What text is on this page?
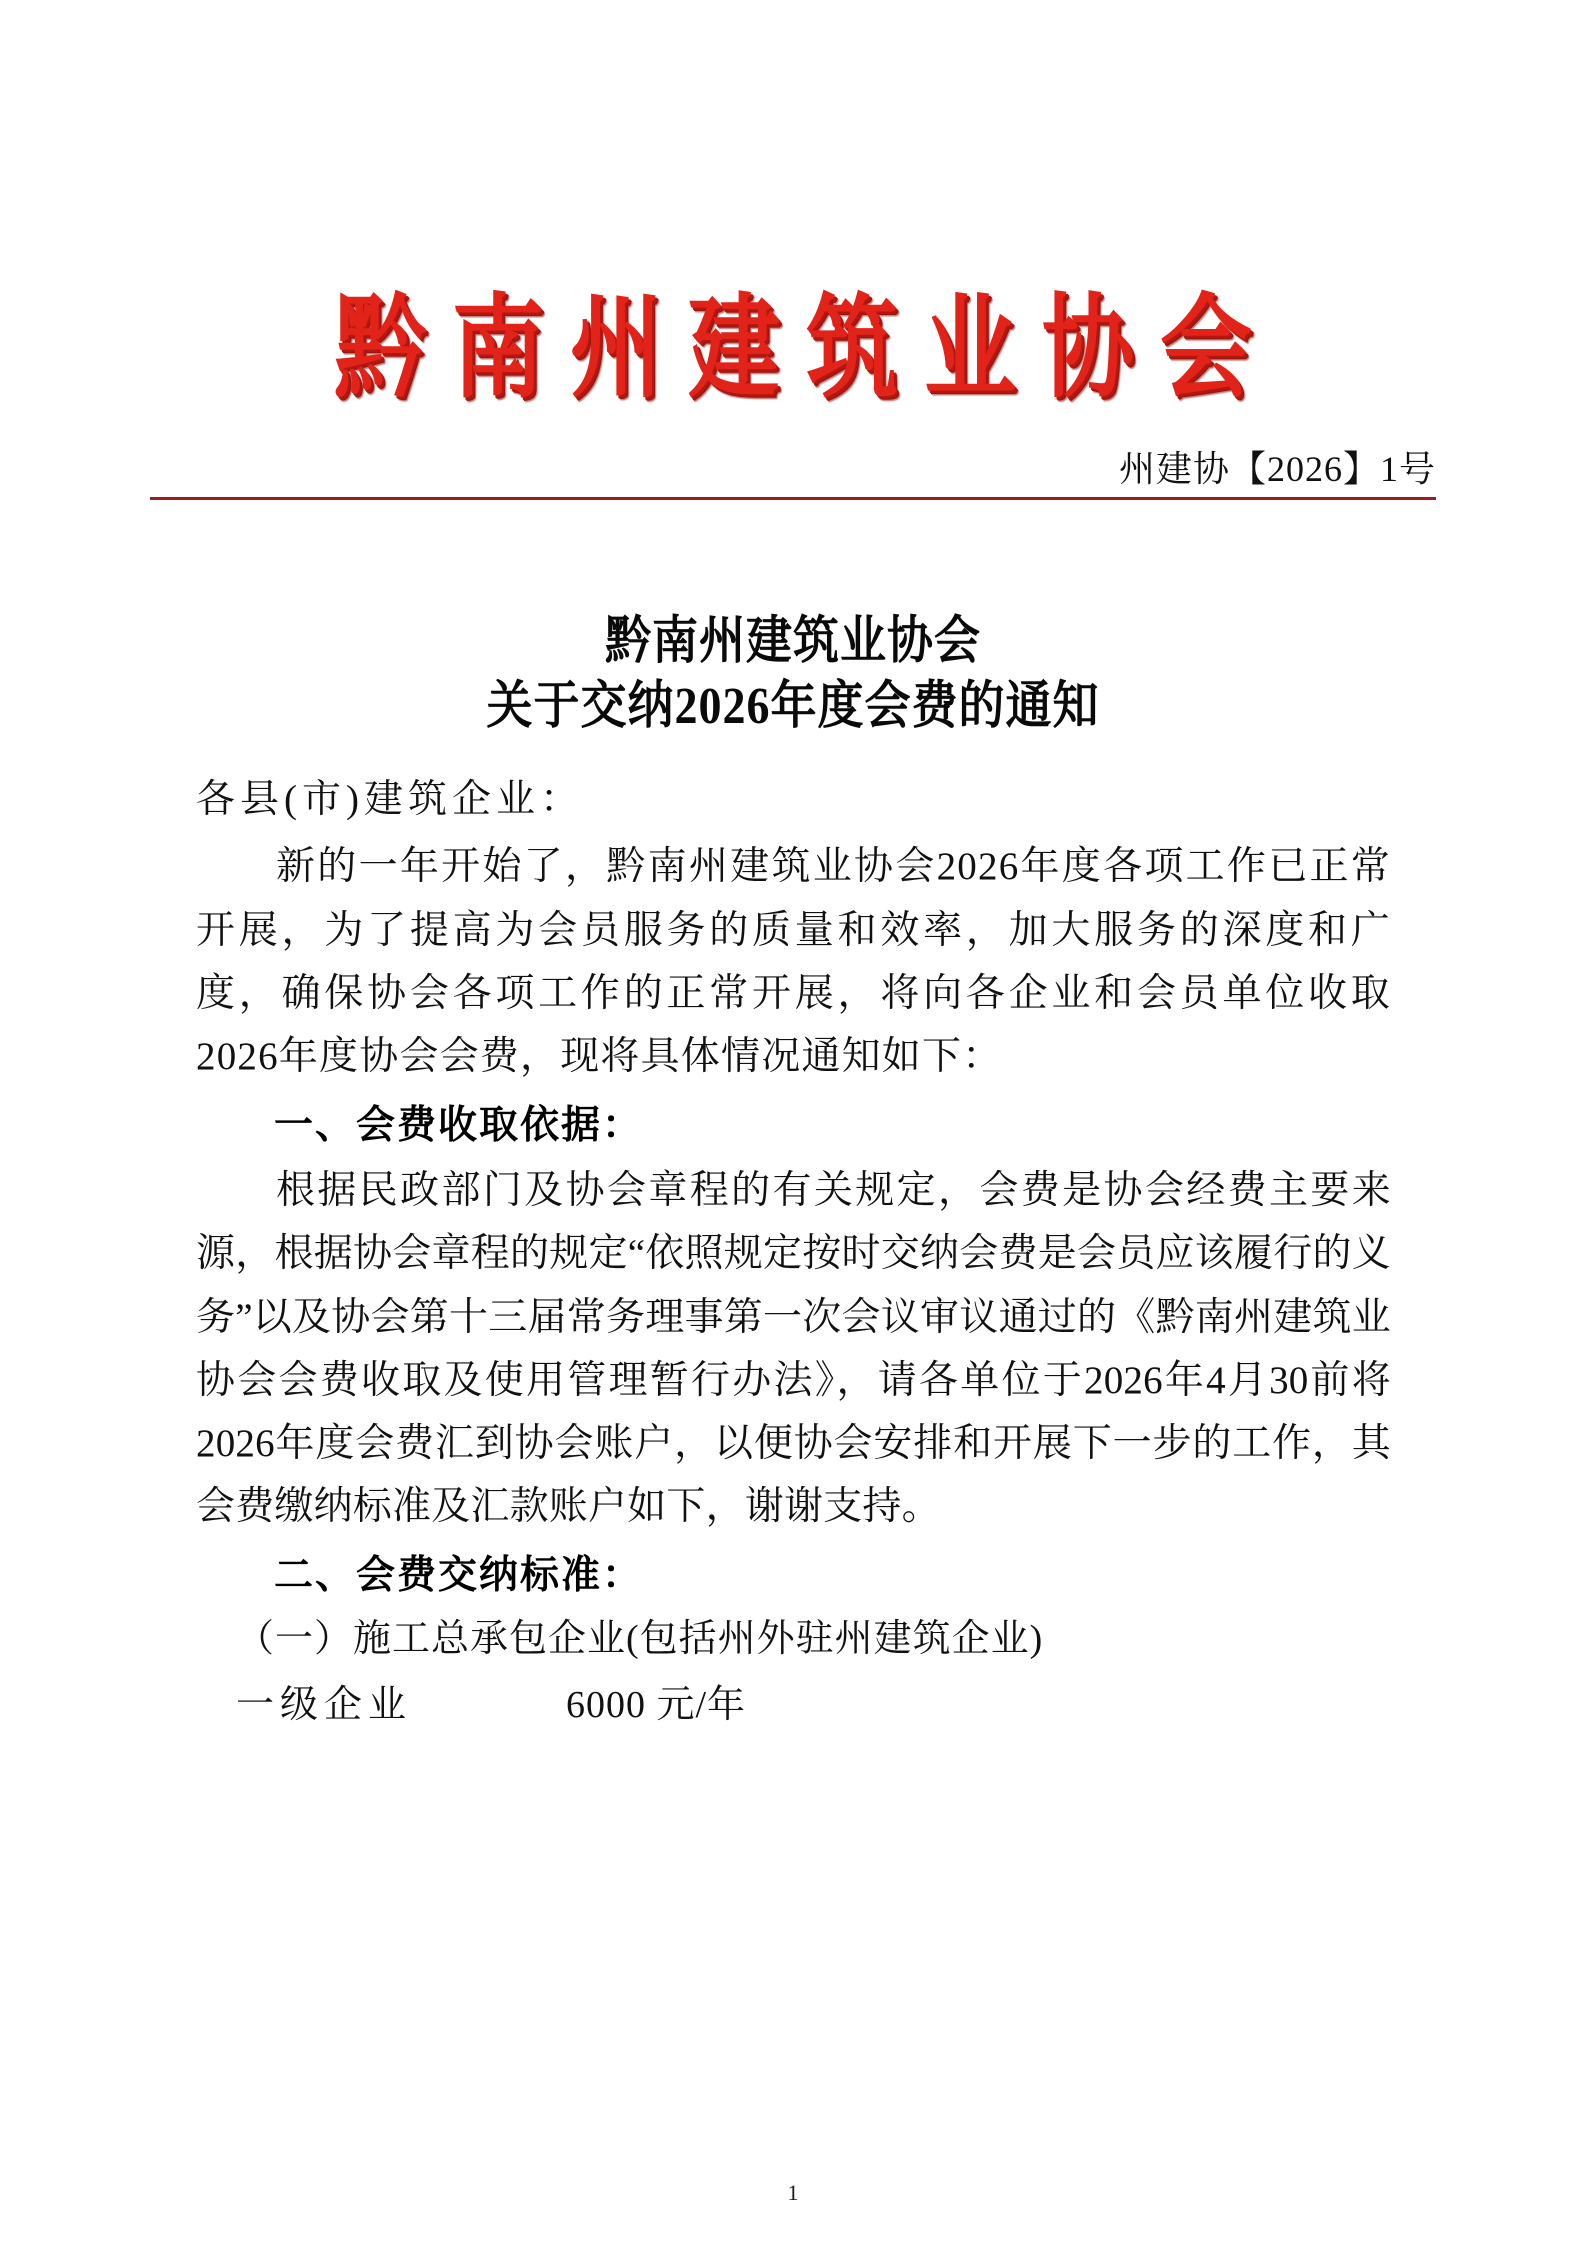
黔南州建筑业协会
州建协【2026】1号
黔南州建筑业协会
关于交纳2026年度会费的通知
各县(市)建筑企业：

新的一年开始了，黔南州建筑业协会2026年度各项工作已正常开展，为了提高为会员服务的质量和效率，加大服务的深度和广度，确保协会各项工作的正常开展，将向各企业和会员单位收取2026年度协会会费，现将具体情况通知如下：

一、会费收取依据：

根据民政部门及协会章程的有关规定，会费是协会经费主要来源，根据协会章程的规定“依照规定按时交纳会费是会员应该履行的义务”以及协会第十三届常务理事第一次会议审议通过的《黔南州建筑业协会会费收取及使用管理暂行办法》，请各单位于2026年4月30前将2026年度会费汇到协会账户，以便协会安排和开展下一步的工作，其会费缴纳标准及汇款账户如下，谢谢支持。

二、会费交纳标准：
（一）施工总承包企业(包括州外驻州建筑企业)
一级企业	6000 元/年
1
